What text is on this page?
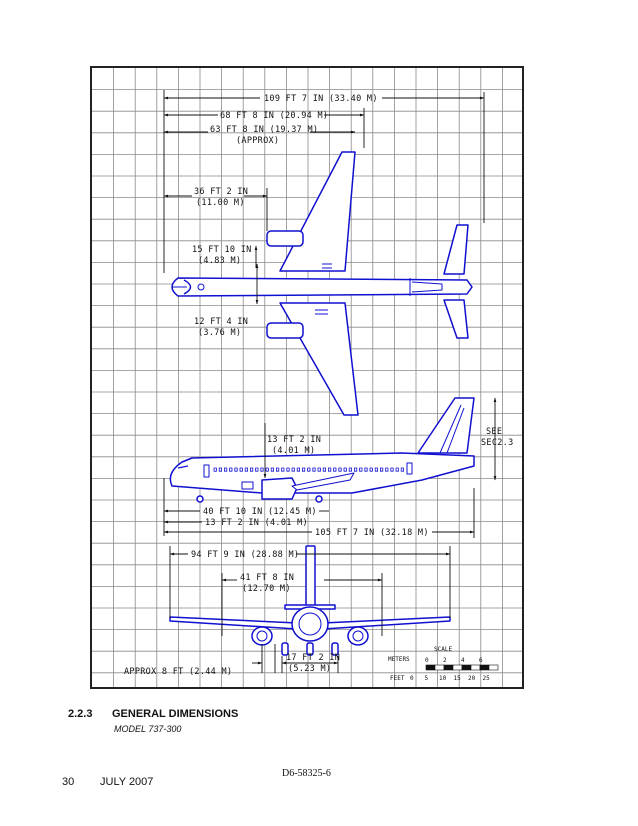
109 FT 7 IN (33.40 M)
68 FT 8 IN (20.94 M)
63 FT 8 IN (19.37 M)
(APPROX)
36 FT 2 IN
(11.00 M)
15 FT 10 IN
(4.83 M)
12 FT 4 IN
(3.76 M)
13 FT 2 IN
(4.01 M)
SEE
SEC2.3
40 FT 10 IN (12.45 M)
13 FT 2 IN (4.01 M)
105 FT 7 IN (32.18 M)
94 FT 9 IN (28.88 M)
41 FT 8 IN
(12.70 M)
APPROX 8 FT (2.44 M)
17 FT 2 IN
(5.23 M)
SCALE
METERS	0 2 4 6
FEET 0 5 10 15 20 25
2.2.3 GENERAL DIMENSIONS
MODEL 737-300
D6-58325-6
30 JULY 2007
